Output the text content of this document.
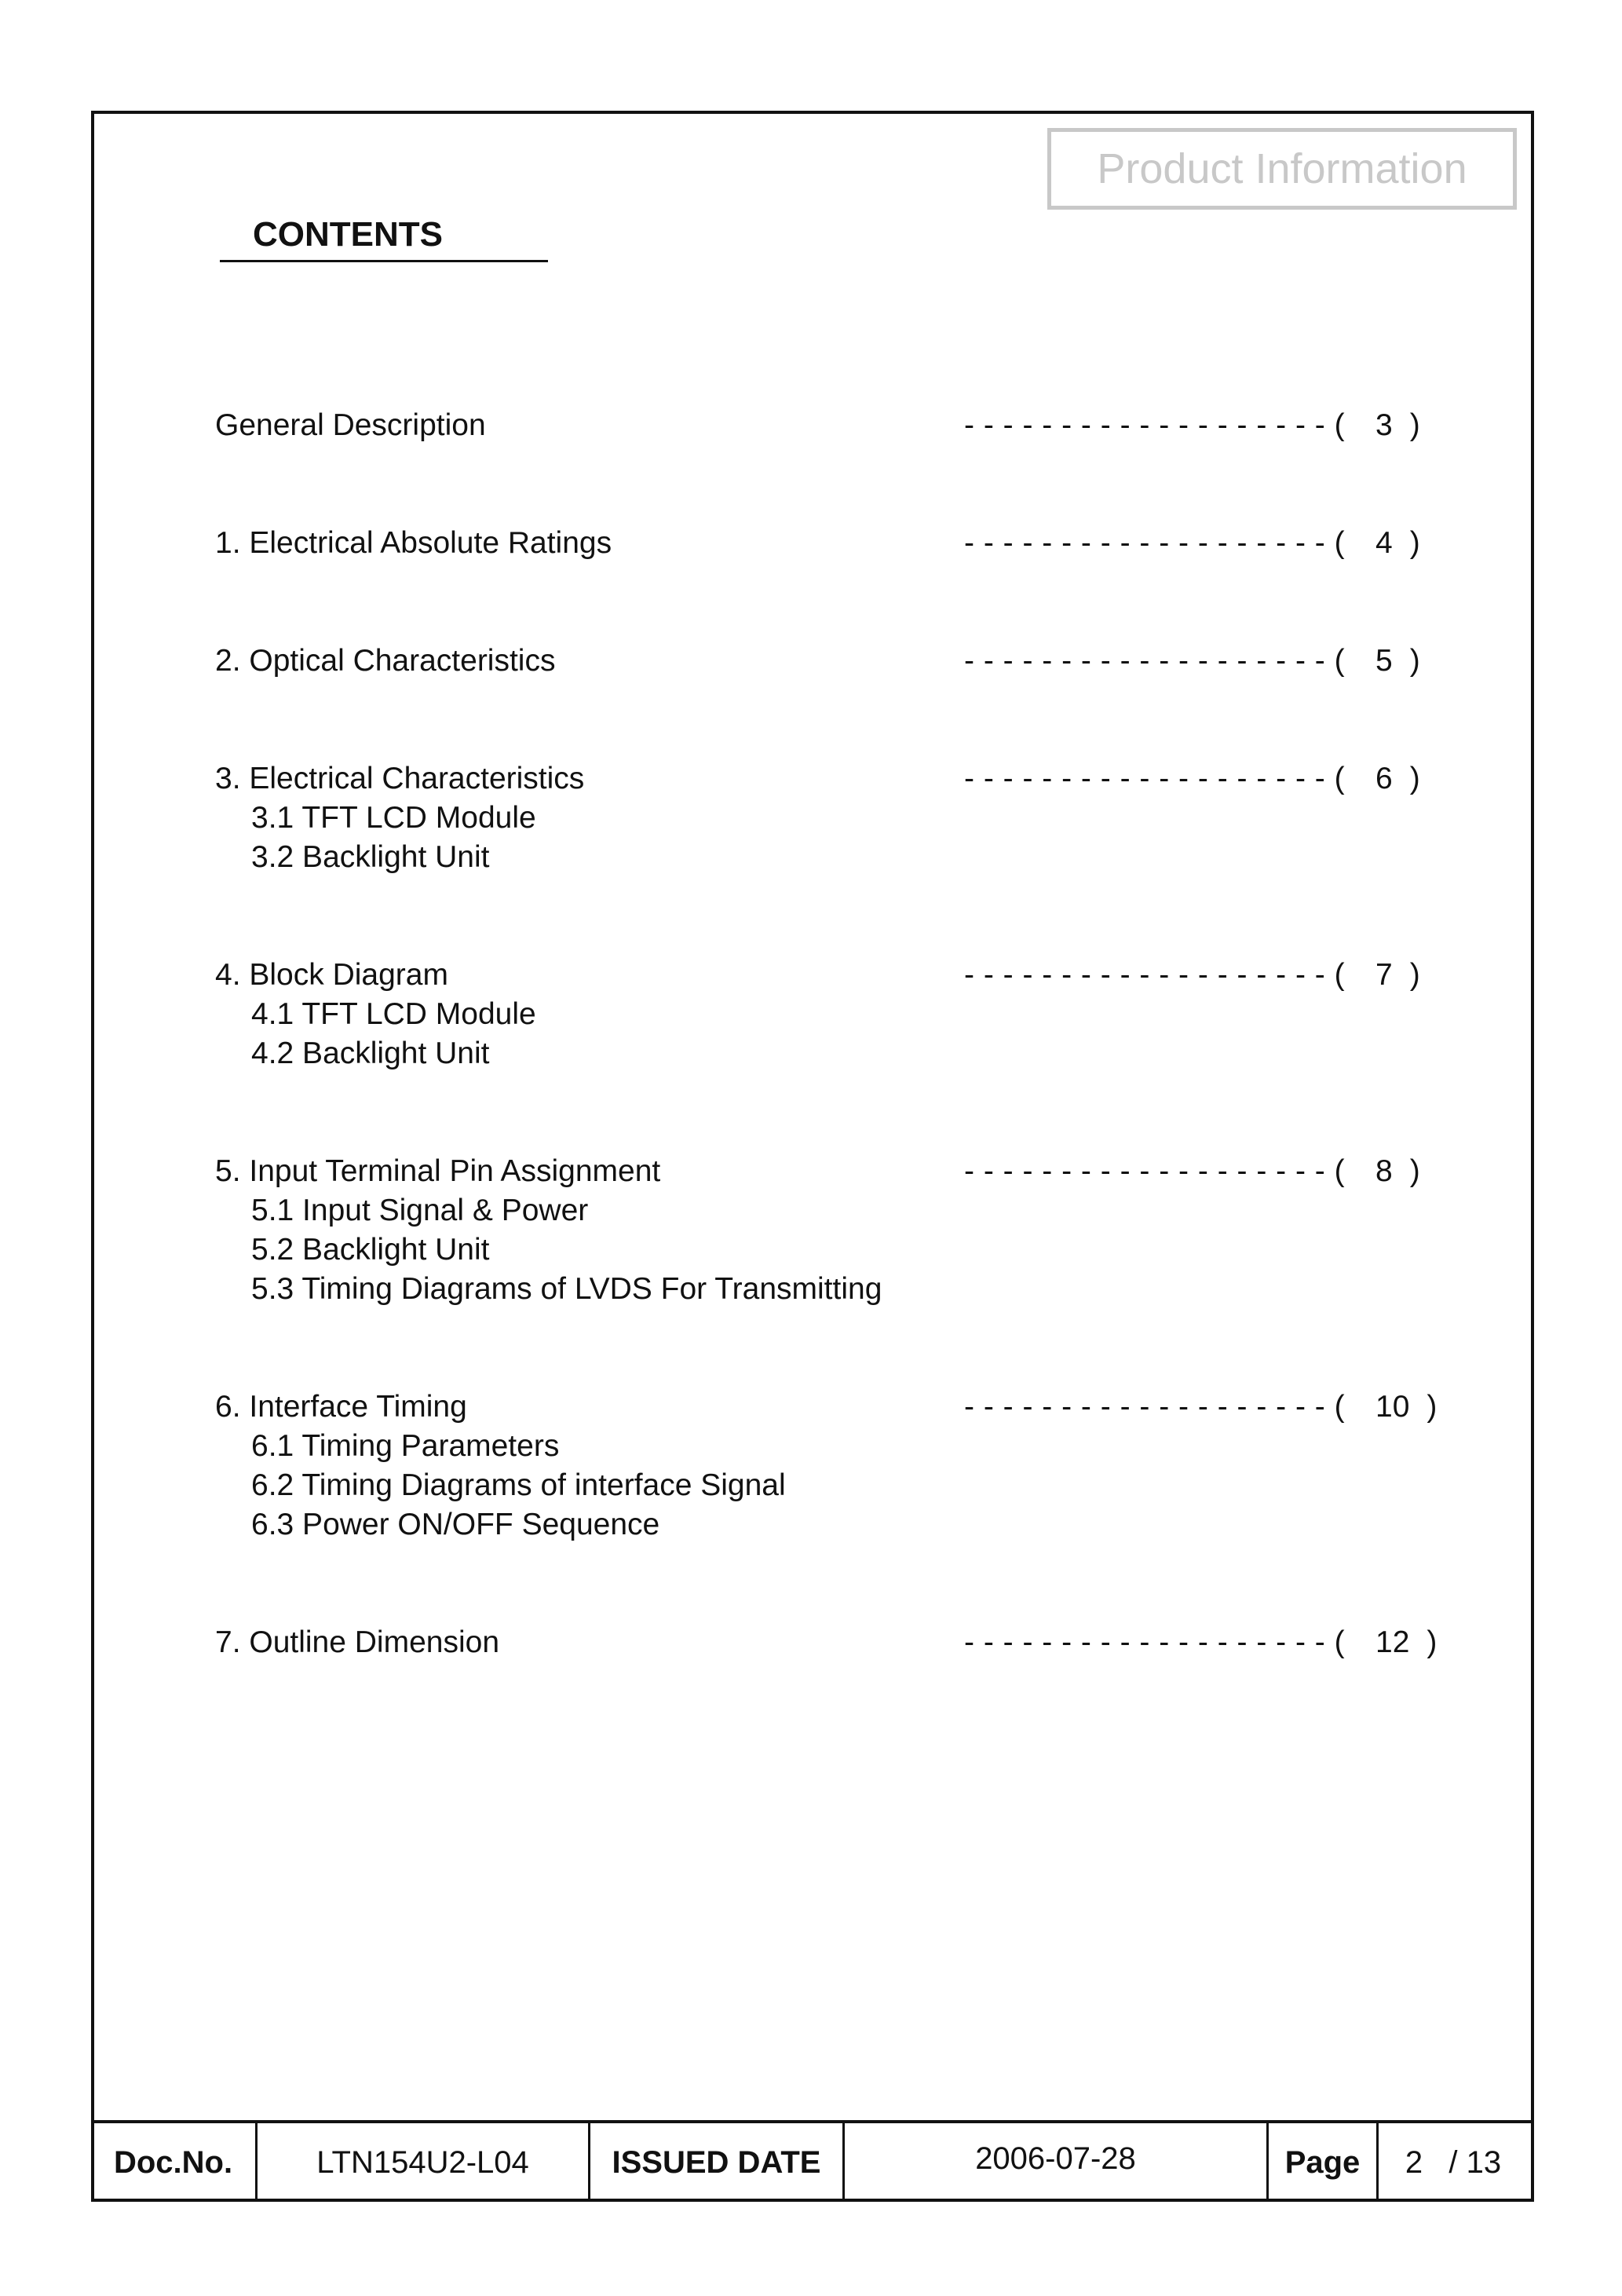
Product Information
CONTENTS
General Description	- - - - - - - - - - - - - - - - - - - ( 3 )
1. Electrical Absolute Ratings	- - - - - - - - - - - - - - - - - - - ( 4 )
2. Optical Characteristics	- - - - - - - - - - - - - - - - - - - ( 5 )
3. Electrical Characteristics	- - - - - - - - - - - - - - - - - - - ( 6 )
3.1 TFT LCD Module
3.2 Backlight Unit
4. Block Diagram	- - - - - - - - - - - - - - - - - - - ( 7 )
4.1 TFT LCD Module
4.2 Backlight Unit
5. Input Terminal Pin Assignment	- - - - - - - - - - - - - - - - - - - ( 8 )
5.1 Input Signal & Power
5.2 Backlight Unit
5.3 Timing Diagrams of LVDS For Transmitting
6. Interface Timing	- - - - - - - - - - - - - - - - - - - ( 10 )
6.1 Timing Parameters
6.2 Timing Diagrams of interface Signal
6.3 Power ON/OFF Sequence
7. Outline Dimension	- - - - - - - - - - - - - - - - - - - ( 12 )
Doc.No.	LTN154U2-L04	ISSUED DATE	2006-07-28	Page	2   / 13
